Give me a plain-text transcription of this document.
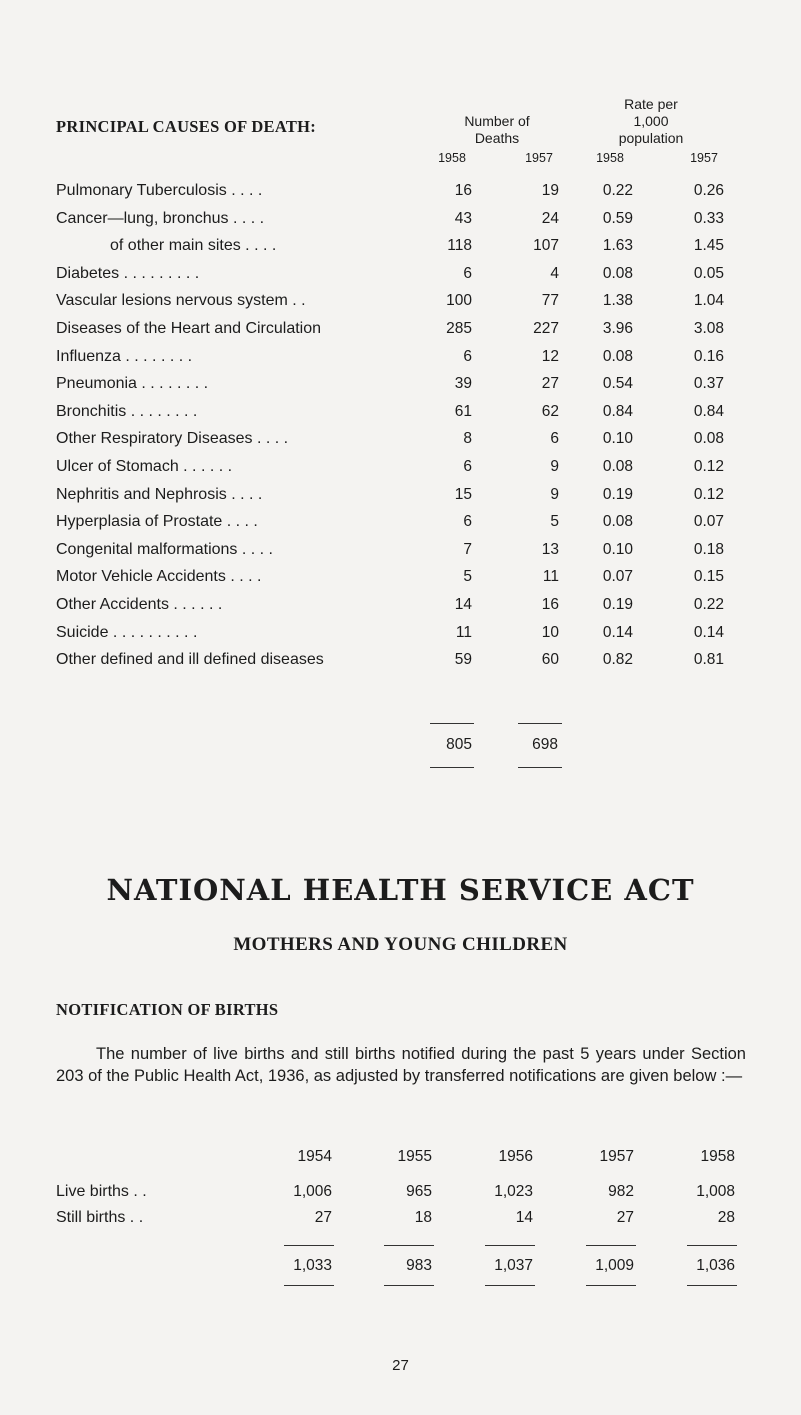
PRINCIPAL CAUSES OF DEATH:	Number of
Deaths
Rate per
1,000
population
1958	1957	1958	1957
Pulmonary Tuberculosis . . . .	16	19	0.22	0.26
Cancer—lung, bronchus . . . .	43	24	0.59	0.33
of other main sites . . . .	118	107	1.63	1.45
Diabetes . . . . . . . . .	6	4	0.08	0.05
Vascular lesions nervous system . .	100	77	1.38	1.04
Diseases of the Heart and Circulation	285	227	3.96	3.08
Influenza . . . . . . . .	6	12	0.08	0.16
Pneumonia . . . . . . . .	39	27	0.54	0.37
Bronchitis . . . . . . . .	61	62	0.84	0.84
Other Respiratory Diseases . . . .	8	6	0.10	0.08
Ulcer of Stomach . . . . . .	6	9	0.08	0.12
Nephritis and Nephrosis . . . .	15	9	0.19	0.12
Hyperplasia of Prostate . . . .	6	5	0.08	0.07
Congenital malformations . . . .	7	13	0.10	0.18
Motor Vehicle Accidents . . . .	5	11	0.07	0.15
Other Accidents . . . . . .	14	16	0.19	0.22
Suicide . . . . . . . . . .	11	10	0.14	0.14
Other defined and ill defined diseases	59	60	0.82	0.81
805	698
NATIONAL HEALTH SERVICE ACT
MOTHERS AND YOUNG CHILDREN
NOTIFICATION OF BIRTHS
The number of live births and still births notified during the past 5 years under Section 203 of the Public Health Act, 1936, as adjusted by transferred notifications are given below :—
1954	1955	1956	1957	1958
Live births . .	1,006	965	1,023	982	1,008
Still births . .	27	18	14	27	28
1,033	983	1,037	1,009	1,036
27
